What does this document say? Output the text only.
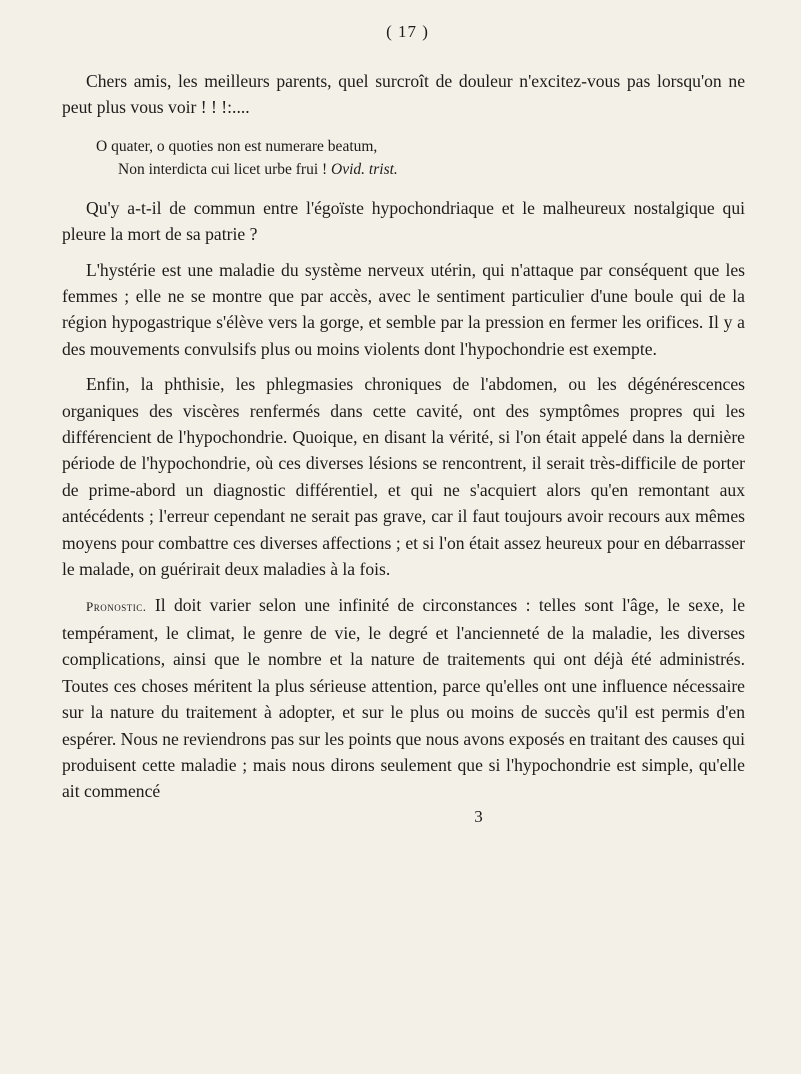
( 17 )

Chers amis, les meilleurs parents, quel surcroît de douleur n'excitez-vous pas lorsqu'on ne peut plus vous voir ! ! !:....

O quater, o quoties non est numerare beatum,
Non interdicta cui licet urbe frui ! Ovid. trist.

Qu'y a-t-il de commun entre l'égoïste hypochondriaque et le malheureux nostalgique qui pleure la mort de sa patrie ?

L'hystérie est une maladie du système nerveux utérin, qui n'attaque par conséquent que les femmes ; elle ne se montre que par accès, avec le sentiment particulier d'une boule qui de la région hypogastrique s'élève vers la gorge, et semble par la pression en fermer les orifices. Il y a des mouvements convulsifs plus ou moins violents dont l'hypochondrie est exempte.

Enfin, la phthisie, les phlegmasies chroniques de l'abdomen, ou les dégénérescences organiques des viscères renfermés dans cette cavité, ont des symptômes propres qui les différencient de l'hypochondrie. Quoique, en disant la vérité, si l'on était appelé dans la dernière période de l'hypochondrie, où ces diverses lésions se rencontrent, il serait très-difficile de porter de prime-abord un diagnostic différentiel, et qui ne s'acquiert alors qu'en remontant aux antécédents ; l'erreur cependant ne serait pas grave, car il faut toujours avoir recours aux mêmes moyens pour combattre ces diverses affections ; et si l'on était assez heureux pour en débarrasser le malade, on guérirait deux maladies à la fois.

Pronostic. Il doit varier selon une infinité de circonstances : telles sont l'âge, le sexe, le tempérament, le climat, le genre de vie, le degré et l'ancienneté de la maladie, les diverses complications, ainsi que le nombre et la nature de traitements qui ont déjà été administrés. Toutes ces choses méritent la plus sérieuse attention, parce qu'elles ont une influence nécessaire sur la nature du traitement à adopter, et sur le plus ou moins de succès qu'il est permis d'en espérer. Nous ne reviendrons pas sur les points que nous avons exposés en traitant des causes qui produisent cette maladie ; mais nous dirons seulement que si l'hypochondrie est simple, qu'elle ait commencé

3
